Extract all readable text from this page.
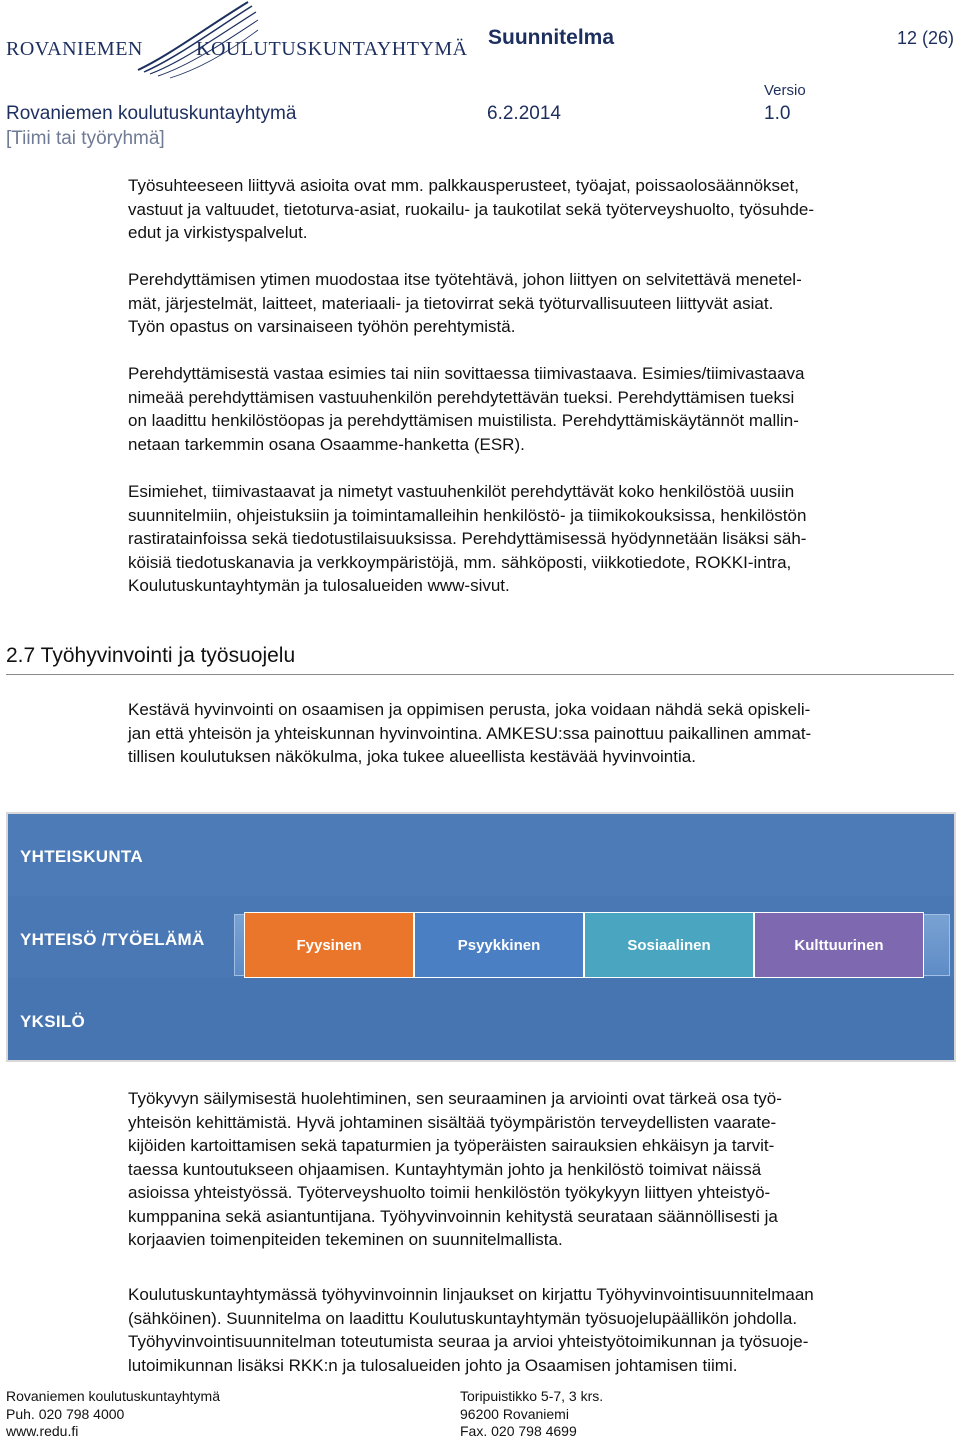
ROVANIEMEN	KOULUTUSKUNTAYHTYMÄ Suunnitelma	12 (26)
Rovaniemen koulutuskuntayhtymä	6.2.2014
Versio
1.0
[Tiimi tai työryhmä]
Työsuhteeseen liittyvä asioita ovat mm. palkkausperusteet, työajat, poissaolosäännökset,
vastuut ja valtuudet, tietoturva-asiat, ruokailu- ja taukotilat sekä työterveyshuolto, työsuhde-
edut ja virkistyspalvelut.
Perehdyttämisen ytimen muodostaa itse työtehtävä, johon liittyen on selvitettävä menetel-
mät, järjestelmät, laitteet, materiaali- ja tietovirrat sekä työturvallisuuteen liittyvät asiat.
Työn opastus on varsinaiseen työhön perehtymistä.
Perehdyttämisestä vastaa esimies tai niin sovittaessa tiimivastaava. Esimies/tiimivastaava
nimeää perehdyttämisen vastuuhenkilön perehdytettävän tueksi. Perehdyttämisen tueksi
on laadittu henkilöstöopas ja perehdyttämisen muistilista. Perehdyttämiskäytännöt mallin-
netaan tarkemmin osana Osaamme-hanketta (ESR).
Esimiehet, tiimivastaavat ja nimetyt vastuuhenkilöt perehdyttävät koko henkilöstöä uusiin
suunnitelmiin, ohjeistuksiin ja toimintamalleihin henkilöstö- ja tiimikokouksissa, henkilöstön
rastiratainfoissa sekä tiedotustilaisuuksissa. Perehdyttämisessä hyödynnetään lisäksi säh-
köisiä tiedotuskanavia ja verkkoympäristöjä, mm. sähköposti, viikkotiedote, ROKKI-intra,
Koulutuskuntayhtymän ja tulosalueiden www-sivut.
2.7 Työhyvinvointi ja työsuojelu
Kestävä hyvinvointi on osaamisen ja oppimisen perusta, joka voidaan nähdä sekä opiskeli-
jan että yhteisön ja yhteiskunnan hyvinvointina. AMKESU:ssa painottuu paikallinen ammat-
tillisen koulutuksen näkökulma, joka tukee alueellista kestävää hyvinvointia.
YHTEISKUNTA
YHTEISÖ /TYÖELÄMÄ
YKSILÖ
Fyysinen	Psyykkinen	Sosiaalinen	Kulttuurinen
Työkyvyn säilymisestä huolehtiminen, sen seuraaminen ja arviointi ovat tärkeä osa työ-
yhteisön kehittämistä. Hyvä johtaminen sisältää työympäristön terveydellisten vaarate-
kijöiden kartoittamisen sekä tapaturmien ja työperäisten sairauksien ehkäisyn ja tarvit-
taessa kuntoutukseen ohjaamisen. Kuntayhtymän johto ja henkilöstö toimivat näissä
asioissa yhteistyössä. Työterveyshuolto toimii henkilöstön työkykyyn liittyen yhteistyö-
kumppanina sekä asiantuntijana. Työhyvinvoinnin kehitystä seurataan säännöllisesti ja
korjaavien toimenpiteiden tekeminen on suunnitelmallista.
Koulutuskuntayhtymässä työhyvinvoinnin linjaukset on kirjattu Työhyvinvointisuunnitelmaan
(sähköinen). Suunnitelma on laadittu Koulutuskuntayhtymän työsuojelupäällikön johdolla.
Työhyvinvointisuunnitelman toteutumista seuraa ja arvioi yhteistyötoimikunnan ja työsuoje-
lutoimikunnan lisäksi RKK:n ja tulosalueiden johto ja Osaamisen johtamisen tiimi.
Rovaniemen koulutuskuntayhtymä
Puh. 020 798 4000
www.redu.fi
Toripuistikko 5-7, 3 krs.
96200 Rovaniemi
Fax. 020 798 4699
